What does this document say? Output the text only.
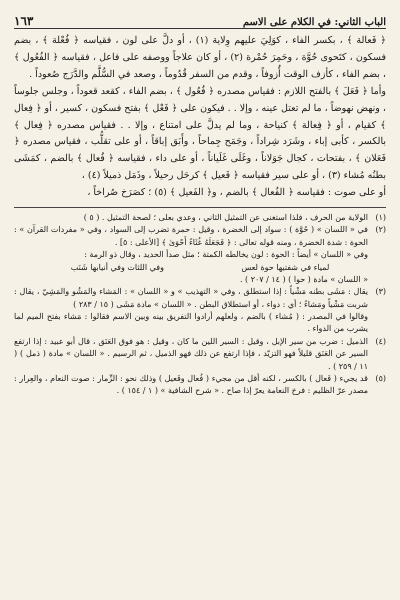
الباب الثاني: في الكلام على الاسم
١٦٣

﴿ فَعالة ﴾ ، بكسر الفاء ، كوَلِيَ عليهم وِلاية (١) ، أو دلَّ على لون ، فقياسه ﴿ فُعْلة ﴾ ، بضم فسكون ، كتَحوى حُوَّة ، وحَمِرَ حُمْرة (٢) ، أو كان علاجاً ووصفه على فاعل ، فقياسه ﴿ الفُعُول ﴾ ، بضم الفاء ، كأزف الوقت أُزوفاً ، وقدم من السفر قُدُوماً ، وصعد في السُّلَّم والدَّرَج صُعوداً .

وأما ﴿ فَعَلَ ﴾ بالفتح اللازم : فقياس مصدره ﴿ فُعُول ﴾ ، بضم الفاء ، كقعد قعوداً ، وجلس جلوساً ، ونهض نهوضاً ، ما لم تعتل عينه ، وإلا . . فيكون على ﴿ فَعْل ﴾ بفتح فسكون ، كسير ، أو ﴿ فِعال ﴾ كقيام ، أو ﴿ فِعالة ﴾ كنياحة ، وما لم يدلَّ على امتناع ، وإلا . . فقياس مصدره ﴿ فِعال ﴾ بالكسر ، كأبى إباء ، وشَرَد شِراداً ، وجَمَح جِماحاً ، وأَبَق إباقاً ، أو على تقلُّب ، فقياس مصدره ﴿ فَعَلان ﴾ ، بفتحات ، كجال جَوَلاناً ، وغَلَى غَلَياناً ، أو على داء ، فقياسه ﴿ فُعال ﴾ بالضم ، كمَشَى بطنُه مُشاء (٣) ، أو على سير فقياسه ﴿ فَعيل ﴾ كرحَل رحيلاً ، وذَمَل ذميلاً (٤) ،

أو على صوت : فقياسه ﴿ الفُعال ﴾ بالضم ، و﴿ الفَعيل ﴾ (٥) ؛ كصَرَخ صُراخاً ،

(١)
الولاية من الحرف ، فلذا استغنى عن التمثيل الثاني ، وعدي بعلى ؛ لصحة التمثيل . ( ٥ )
(٢)
في « اللسان » ( حُوَّة ) : سواد إلى الخضرة ، وقيل : حمرة تضرب إلى السواد ، وفي « مفردات القرآن » : الحوة : شدة الخضرة ، ومنه قوله تعالى : ﴿ فَجَعَلَهُ غُثَاءً أَحْوَىٰ ﴾ [الأعلى : ٥] .
وفي « اللسان » أيضاً : الحوة : لون يخالطه الكمتة ؛ مثل صدأ الحديد ، وقال ذو الرمة :
لمياء في شفتيها حوة لعس
وفي اللثات وفي أنيابها شَنَب
« اللسان » مادة ( حوا ) ( ١٤ / ٢٠٧ ) .
(٣)
يقال : مَشَى بطنه مَشْياً : إذا استطلق ، وفي « التهذيب » و « اللسان » : المَشاء والمَشُو والمَشِيّ ، يقال : شربت مَشْياً ومَشاءً ؛ أي : دواء ، أو استطلاق البطن . « اللسان » مادة مَشَى ( ١٥ / ٢٨٣ )
وقالوا في المصدر : ( مُشاء ) بالضم ، ولعلهم أرادوا التفريق بينه وبين الاسم فقالوا : مَشاء بفتح الميم لما يشرب من الدواء .
(٤)
الذميل : ضرب من سير الإبل ، وقيل : السير اللين ما كان ، وقيل : هو فوق العَنَق ، قال أبو عبيد : إذا ارتفع السير عن العَنَق قليلاً فهو التزيّد ، فإذا ارتفع عن ذلك فهو الذميل ، ثم الرسيم . « اللسان » مادة ( ذمل ) ( ١١ / ٢٥٩ ) .
(٥)
قد يجيء ( فَعال ) بالكسر ، لكنه أقل من مجيء ( فُعال وفَعيل ) وذلك نحو : الزِّمار : صوت النعام ، والعِرار : مصدر عرّ الظليم : فرخ النعامة يعرّ إذا صاح . « شرح الشافية » ( ١ / ١٥٤ ) .
